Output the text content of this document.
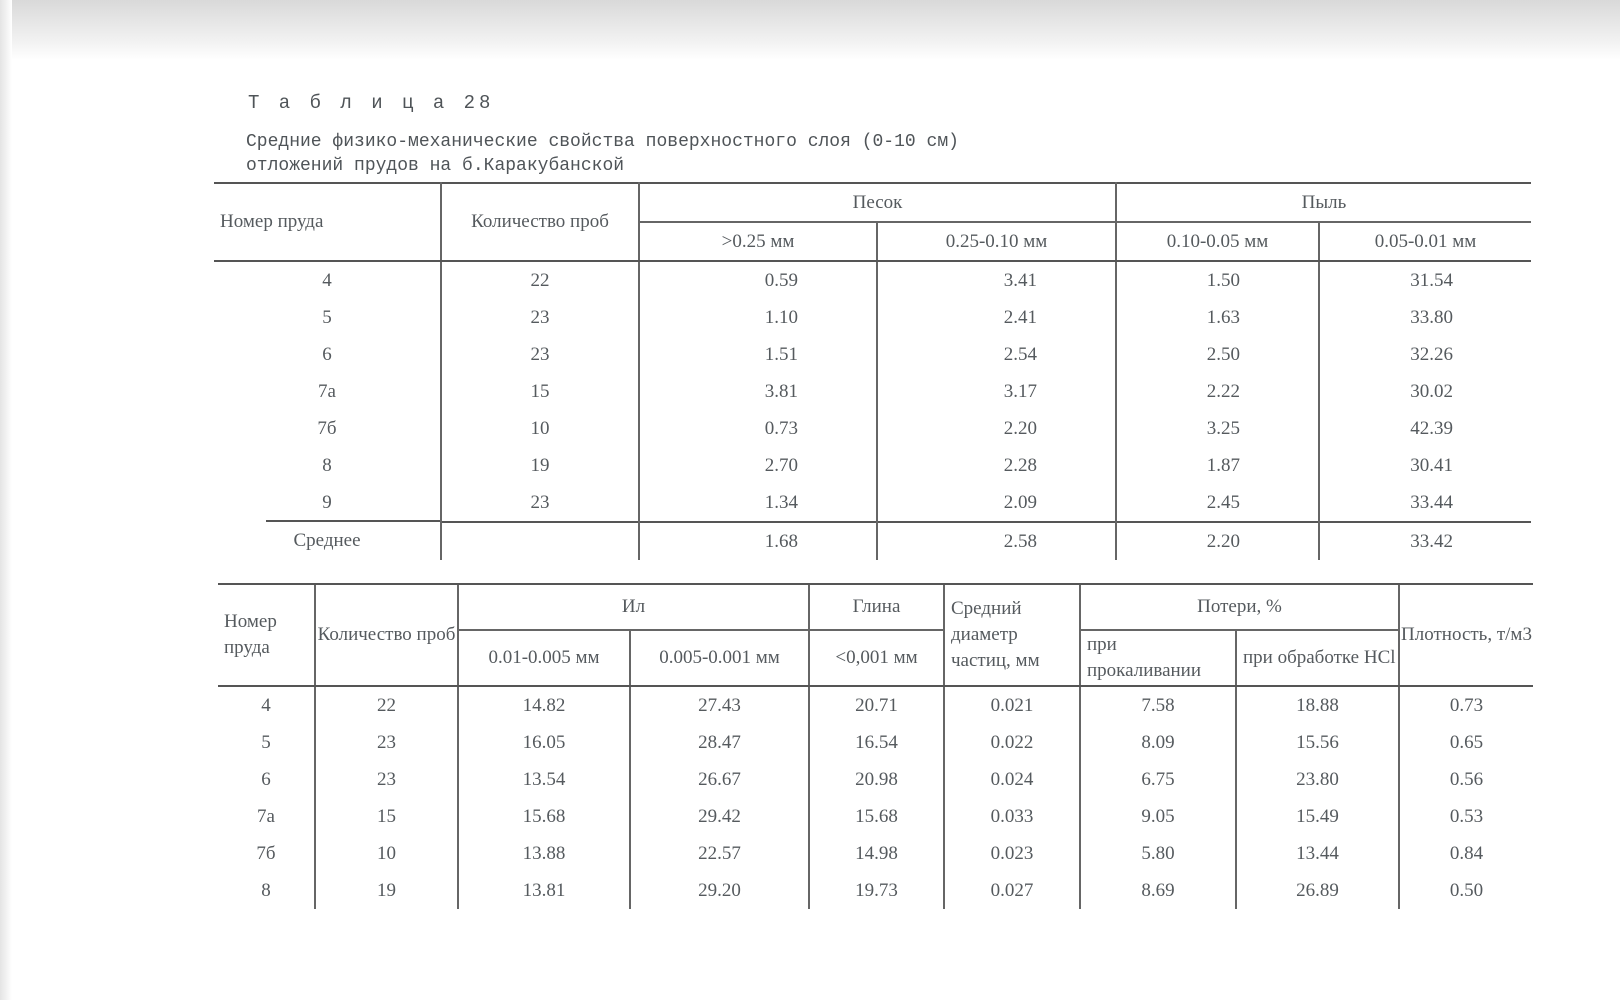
Т а б л и ц а 28
Средние физико-механические свойства поверхностного слоя (0-10 см)
отложений прудов на б.Каракубанской
Номер пруда	Количество проб	Песок		Пыль	
		>0.25 мм	0.25-0.10 мм	0.10-0.05 мм	0.05-0.01 мм
4	22	0.59	3.41	1.50	31.54
5	23	1.10	2.41	1.63	33.80
6	23	1.51	2.54	2.50	32.26
7а	15	3.81	3.17	2.22	30.02
7б	10	0.73	2.20	3.25	42.39
8	19	2.70	2.28	1.87	30.41
9	23	1.34	2.09	2.45	33.44
Среднее		1.68	2.58	2.20	33.42
Номер пруда	Количество проб	Ил		Глина	Средний диаметр частиц, мм	Потери, %		Плотность, т/м3
		0.01-0.005 мм	0.005-0.001 мм	<0,001 мм		при прокаливании	при обработке HCl	
4	22	14.82	27.43	20.71	0.021	7.58	18.88	0.73
5	23	16.05	28.47	16.54	0.022	8.09	15.56	0.65
6	23	13.54	26.67	20.98	0.024	6.75	23.80	0.56
7а	15	15.68	29.42	15.68	0.033	9.05	15.49	0.53
7б	10	13.88	22.57	14.98	0.023	5.80	13.44	0.84
8	19	13.81	29.20	19.73	0.027	8.69	26.89	0.50
